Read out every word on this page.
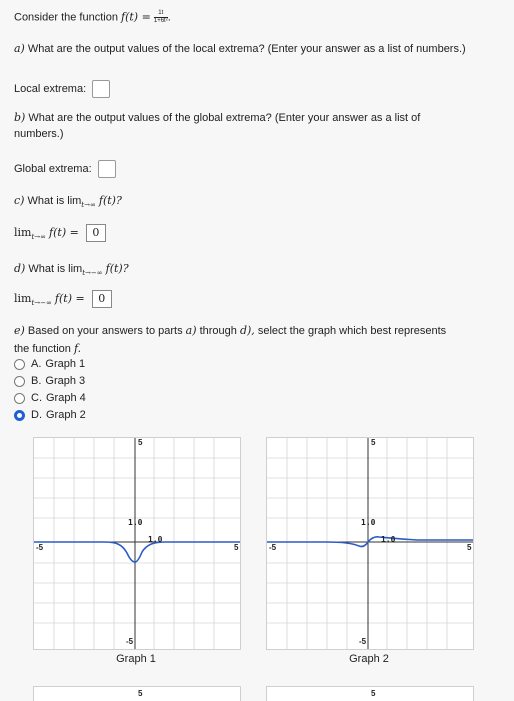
Consider the function $f(t) = \frac{1t}{\text{1+6t²}}$ .
a) What are the output values of the local extrema? (Enter your answer as a list of numbers.)
Local extrema:
b) What are the output values of the global extrema? (Enter your answer as a list of
numbers.)
Global extrema:
c) What is $\lim_{t\to\infty} f(t)$?
$\lim_{t\to\infty} f(t) = 0$
d) What is $\lim_{t\to-\infty} f(t)$?
$\lim_{t\to-\infty} f(t) = 0$
e) Based on your answers to parts a) through d), select the graph which best represents
the function f.
A. Graph 1
B. Graph 3
C. Graph 4
D. Graph 2
5
1.0
1.0
-5	5
-5
Graph 1
5
1.0
1.0
-5	5
-5
Graph 2
5	5
